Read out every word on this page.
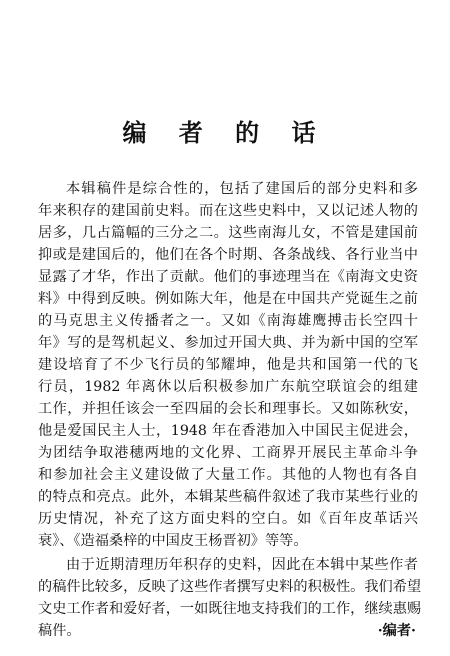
编 者 的 话
本辑稿件是综合性的，包括了建国后的部分史料和多
年来积存的建国前史料。而在这些史料中，又以记述人物的
居多，几占篇幅的三分之二。这些南海儿女，不管是建国前
抑或是建国后的，他们在各个时期、各条战线、各行业当中
显露了才华，作出了贡献。他们的事迹理当在《南海文史资
料》中得到反映。例如陈大年，他是在中国共产党诞生之前
的马克思主义传播者之一。又如《南海雄鹰搏击长空四十
年》写的是驾机起义、参加过开国大典、并为新中国的空军
建设培育了不少飞行员的邹耀坤，他是共和国第一代的飞
行员，1982 年离休以后积极参加广东航空联谊会的组建
工作，并担任该会一至四届的会长和理事长。又如陈秋安，
他是爱国民主人士，1948 年在香港加入中国民主促进会，
为团结争取港穗两地的文化界、工商界开展民主革命斗争
和参加社会主义建设做了大量工作。其他的人物也有各自
的特点和亮点。此外，本辑某些稿件叙述了我市某些行业的
历史情况，补充了这方面史料的空白。如《百年皮革话兴
衰》、《造福桑梓的中国皮王杨晋初》等等。
由于近期清理历年积存的史料，因此在本辑中某些作者
的稿件比较多，反映了这些作者撰写史料的积极性。我们希望
文史工作者和爱好者，一如既往地支持我们的工作，继续惠赐
稿件。	·编者·
